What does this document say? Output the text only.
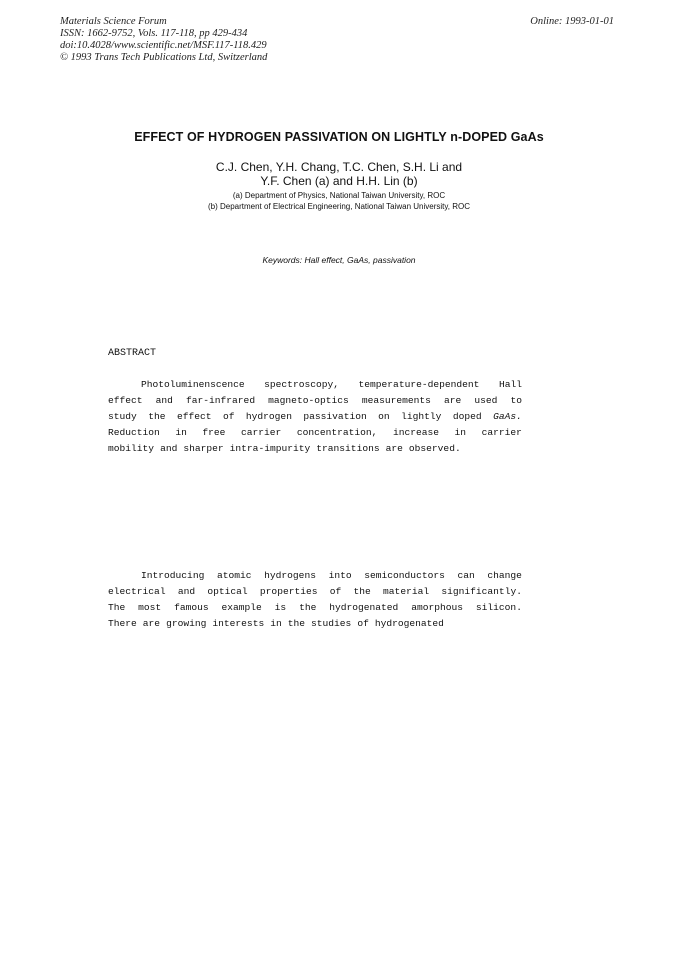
Materials Science Forum
ISSN: 1662-9752, Vols. 117-118, pp 429-434
doi:10.4028/www.scientific.net/MSF.117-118.429
© 1993 Trans Tech Publications Ltd, Switzerland
Online: 1993-01-01
EFFECT OF HYDROGEN PASSIVATION ON LIGHTLY n-DOPED GaAs
C.J. Chen, Y.H. Chang, T.C. Chen, S.H. Li and
Y.F. Chen (a) and H.H. Lin (b)
(a) Department of Physics, National Taiwan University, ROC
(b) Department of Electrical Engineering, National Taiwan University, ROC
Keywords: Hall effect, GaAs, passivation
ABSTRACT
Photoluminenscence spectroscopy, temperature-dependent Hall
effect and far-infrared magneto-optics measurements are used to
study the effect of hydrogen passivation on lightly doped GaAs.
Reduction in free carrier concentration, increase in carrier
mobility and sharper intra-impurity transitions are observed.
Introducing atomic hydrogens into semiconductors can change
electrical and optical properties of the material significantly.
The most famous example is the hydrogenated amorphous silicon.
There are growing interests in the studies of hydrogenated
